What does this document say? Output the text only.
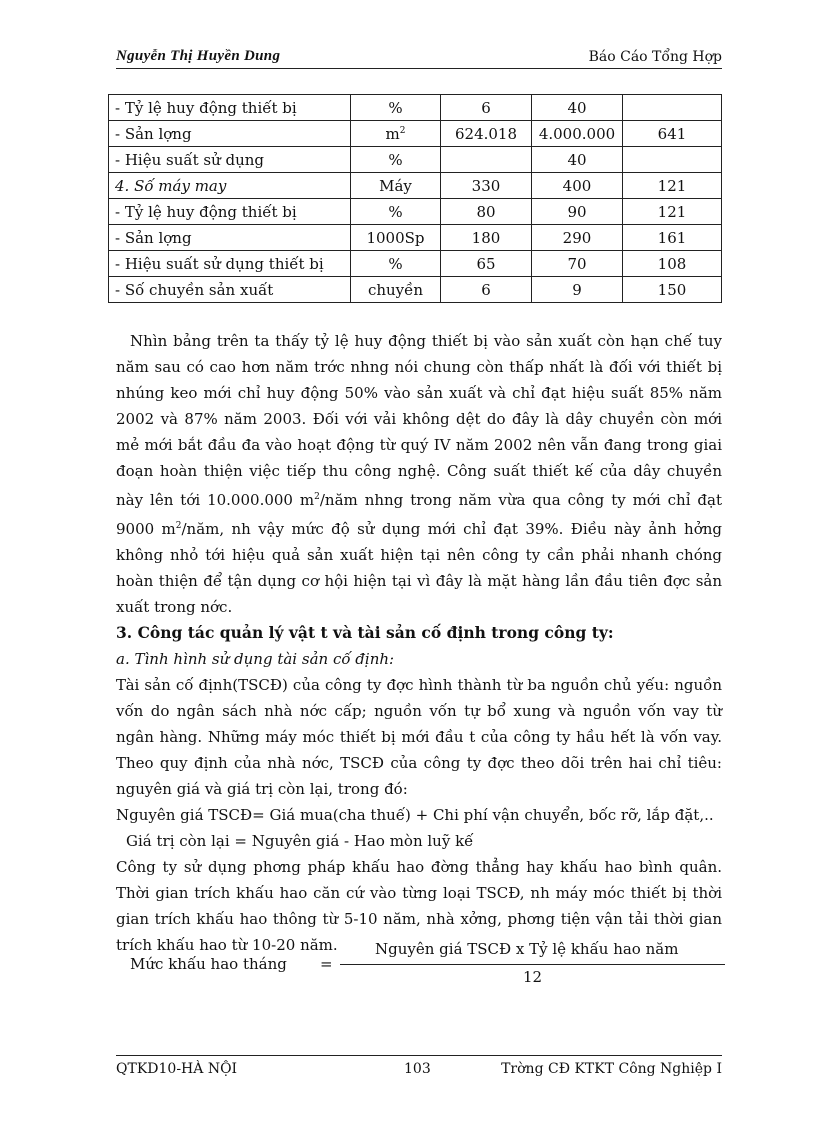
Nguyễn Thị Huyền Dung	Báo Cáo Tổng Hợp
- Tỷ lệ huy động thiết bị	%	6	40	
- Sản lợng	$m^2$	624.018	4.000.000	641
- Hiệu suất sử dụng	%		40	
4. Số máy may	Máy	330	400	121
- Tỷ lệ huy động thiết bị	%	80	90	121
- Sản lợng	1000Sp	180	290	161
- Hiệu suất sử dụng thiết bị	%	65	70	108
- Số chuyền sản xuất	chuyền	6	9	150

Nhìn bảng trên ta thấy tỷ lệ huy động thiết bị vào sản xuất còn hạn chế tuy năm sau có cao hơn năm trớc nhng nói chung còn thấp nhất là đối với thiết bị nhúng keo mới chỉ huy động 50% vào sản xuất và chỉ đạt hiệu suất 85% năm 2002 và 87% năm 2003. Đối với vải không dệt do đây là dây chuyền còn mới mẻ mới bắt đầu đa vào hoạt động từ quý IV năm 2002 nên vẫn đang trong giai đoạn hoàn thiện việc tiếp thu công nghệ. Công suất thiết kế của dây chuyền này lên tới 10.000.000 $m^2$/năm nhng trong năm vừa qua công ty mới chỉ đạt 9000 $m^2$/năm, nh vậy mức độ sử dụng mới chỉ đạt 39%. Điều này ảnh hởng không nhỏ tới hiệu quả sản xuất hiện tại nên công ty cần phải nhanh chóng hoàn thiện để tận dụng cơ hội hiện tại vì đây là mặt hàng lần đầu tiên đợc sản xuất trong nớc.

3. Công tác quản lý vật t và tài sản cố định trong công ty:

a. Tình hình sử dụng tài sản cố định:

Tài sản cố định(TSCĐ) của công ty đợc hình thành từ ba nguồn chủ yếu: nguồn vốn do ngân sách nhà nớc cấp; nguồn vốn tự bổ xung và nguồn vốn vay từ ngân hàng. Những máy móc thiết bị mới đầu t của công ty hầu hết là vốn vay. Theo quy định của nhà nớc, TSCĐ của công ty đợc theo dõi trên hai chỉ tiêu: nguyên giá và giá trị còn lại, trong đó:

Nguyên giá TSCĐ= Giá mua(cha thuế) + Chi phí vận chuyển, bốc rỡ, lắp đặt,..

Giá trị còn lại = Nguyên giá - Hao mòn luỹ kế

Công ty sử dụng phơng pháp khấu hao đờng thẳng hay khấu hao bình quân. Thời gian trích khấu hao căn cứ vào từng loại TSCĐ, nh máy móc thiết bị thời gian trích khấu hao thông từ 5-10 năm, nhà xởng, phơng tiện vận tải thời gian trích khấu hao từ 10-20 năm.

Mức khấu hao tháng =
Nguyên giá TSCĐ x Tỷ lệ khấu hao năm
12
QTKD10-HÀ NỘI	103	Trờng CĐ KTKT Công Nghiệp I
